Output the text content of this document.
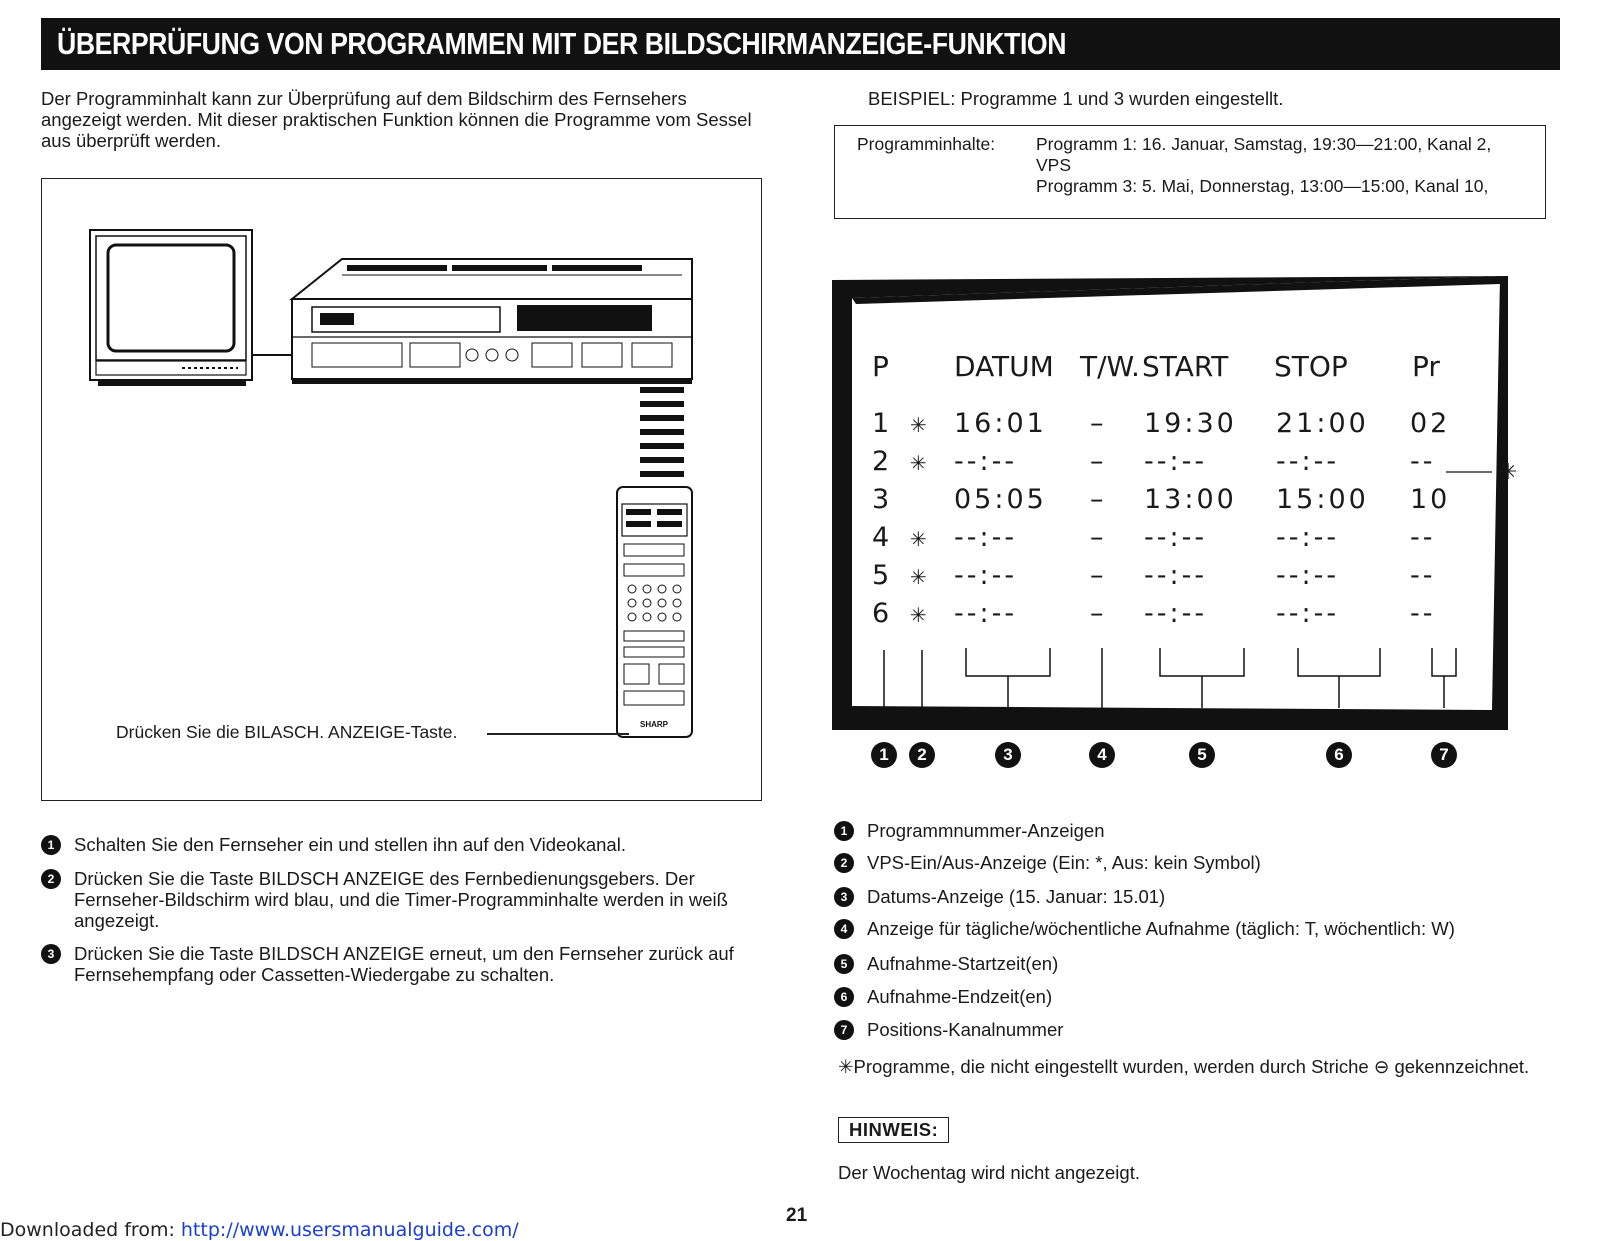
ÜBERPRÜFUNG VON PROGRAMMEN MIT DER BILDSCHIRMANZEIGE-FUNKTION
Der Programminhalt kann zur Überprüfung auf dem Bildschirm des Fernsehers angezeigt werden. Mit dieser praktischen Funktion können die Programme vom Sessel aus überprüft werden.
BEISPIEL: Programme 1 und 3 wurden eingestellt.
Programminhalte: Programm 1: 16. Januar, Samstag, 19:30—21:00, Kanal 2, VPS
Programm 3: 5. Mai, Donnerstag, 13:00—15:00, Kanal 10,
SHARP
Drücken Sie die BILASCH. ANZEIGE-Taste.
1	Schalten Sie den Fernseher ein und stellen ihn auf den Videokanal.
2	Drücken Sie die Taste BILDSCH ANZEIGE des Fernbedienungsgebers. Der Fernseher-Bildschirm wird blau, und die Timer-Programminhalte werden in weiß angezeigt.
3	Drücken Sie die Taste BILDSCH ANZEIGE erneut, um den Fernseher zurück auf Fernsehempfang oder Cassetten-Wiedergabe zu schalten.
P DATUM T/W. START STOP Pr
1 ✳ 16:01 – 19:30 21:00 02
2 ✳ --:--	– --:--	--:--	--
3 05:05 – 13:00 15:00 10
4 ✳ --:--	– --:--	--:--	--
5 ✳ --:--	– --:--	--:--	--
6 ✳ --:--	– --:--	--:--	--
✳
1	2	3	4	5	6	7
1	Programmnummer-Anzeigen
2	VPS-Ein/Aus-Anzeige (Ein: *, Aus: kein Symbol)
3	Datums-Anzeige (15. Januar: 15.01)
4	Anzeige für tägliche/wöchentliche Aufnahme (täglich: T, wöchentlich: W)
5	Aufnahme-Startzeit(en)
6	Aufnahme-Endzeit(en)
7	Positions-Kanalnummer
✳Programme, die nicht eingestellt wurden, werden durch Striche ⊖ gekennzeichnet.
HINWEIS:
Der Wochentag wird nicht angezeigt.
21
Downloaded from: http://www.usersmanualguide.com/
